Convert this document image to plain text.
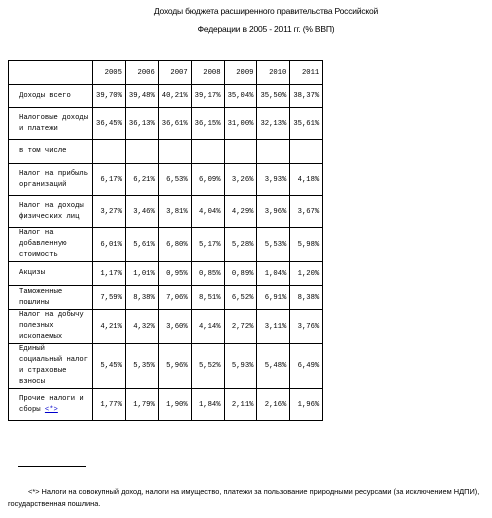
Доходы бюджета расширенного правительства Российской
Федерации в 2005 - 2011 гг. (% ВВП)
	2005	2006	2007	2008	2009	2010	2011
Доходы всего	39,70%	39,48%	40,21%	39,17%	35,04%	35,50%	38,37%
Налоговые доходы и платежи	36,45%	36,13%	36,61%	36,15%	31,00%	32,13%	35,61%
в том числе							
Налог на прибыль организаций	6,17%	6,21%	6,53%	6,09%	3,26%	3,93%	4,18%
Налог на доходы физических лиц	3,27%	3,46%	3,81%	4,04%	4,29%	3,96%	3,67%
Налог на добавленную стоимость	6,01%	5,61%	6,80%	5,17%	5,28%	5,53%	5,98%
Акцизы	1,17%	1,01%	0,95%	0,85%	0,89%	1,04%	1,20%
Таможенные пошлины	7,59%	8,38%	7,06%	8,51%	6,52%	6,91%	8,38%
Налог на добычу полезных ископаемых	4,21%	4,32%	3,60%	4,14%	2,72%	3,11%	3,76%
Единый социальный налог и страховые взносы	5,45%	5,35%	5,96%	5,52%	5,93%	5,48%	6,49%
Прочие налоги и сборы <*>	1,77%	1,79%	1,90%	1,84%	2,11%	2,16%	1,96%
<*> Налоги на совокупный доход, налоги на имущество, платежи за пользование природными ресурсами (за исключением НДПИ), государственная пошлина.
